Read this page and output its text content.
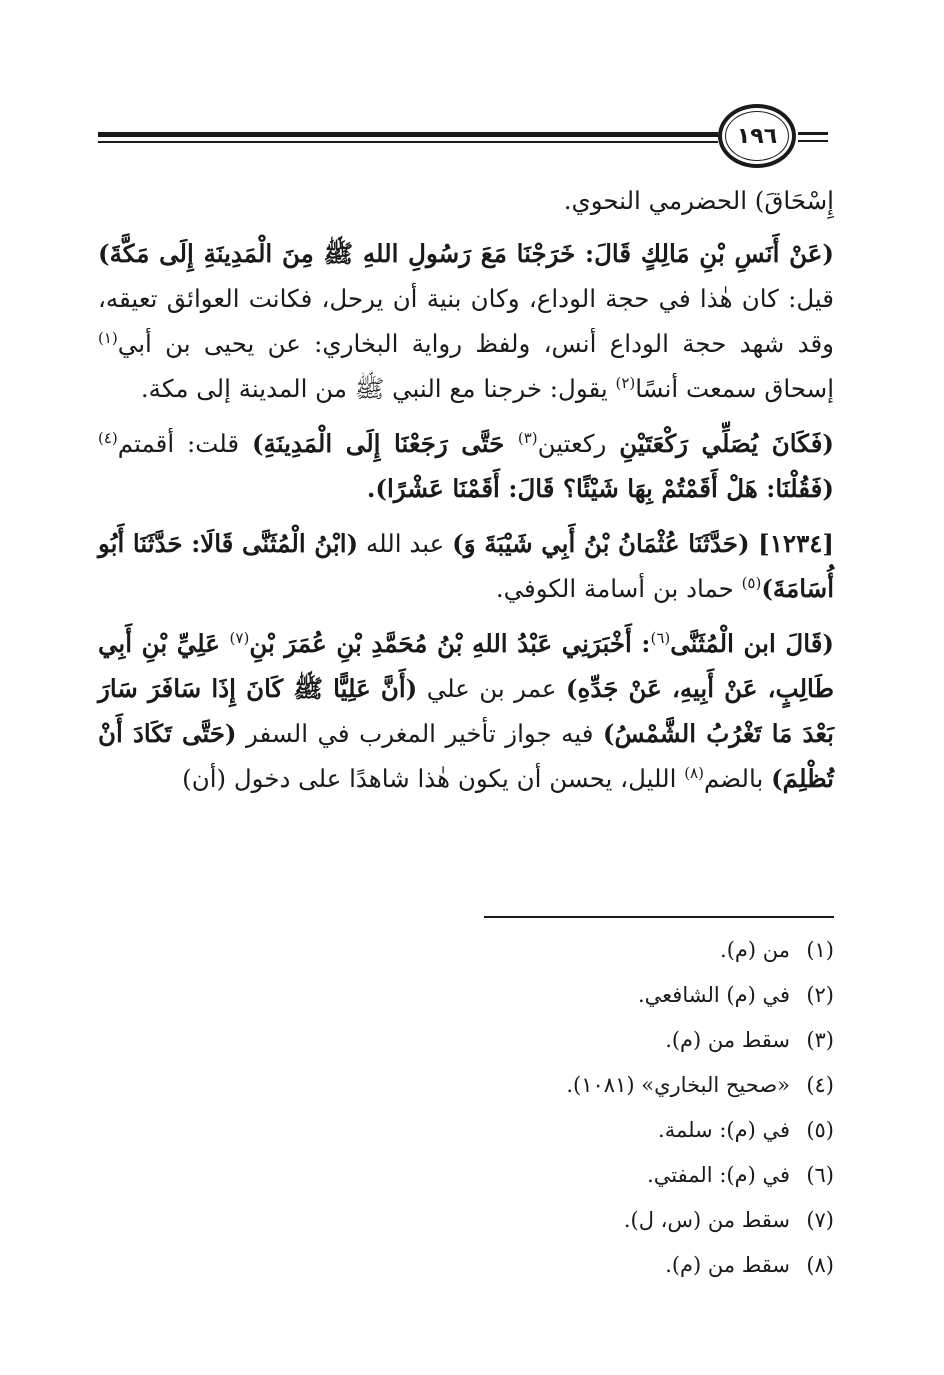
١٩٦

إِسْحَاقَ) الحضرمي النحوي.

(عَنْ أَنَسِ بْنِ مَالِكٍ قَالَ: خَرَجْنَا مَعَ رَسُولِ اللهِ ﷺ مِنَ الْمَدِينَةِ إِلَى مَكَّةَ) قيل: كان هٰذا في حجة الوداع، وكان بنية أن يرحل، فكانت العوائق تعيقه، وقد شهد حجة الوداع أنس، ولفظ رواية البخاري: عن يحيى بن أبي$^{(١)}$ إسحاق سمعت أنسًا$^{(٢)}$ يقول: خرجنا مع النبي ﷺ من المدينة إلى مكة.

(فَكَانَ يُصَلِّي رَكْعَتَيْنِ ركعتين$^{(٣)}$ حَتَّى رَجَعْنَا إِلَى الْمَدِينَةِ) قلت: أقمتم$^{(٤)}$ (فَقُلْنَا: هَلْ أَقَمْتُمْ بِهَا شَيْئًا؟ قَالَ: أَقَمْنَا عَشْرًا).

[١٢٣٤] (حَدَّثَنَا عُثْمَانُ بْنُ أَبِي شَيْبَةَ وَ) عبد الله (ابْنُ الْمُثَنَّى قَالَا: حَدَّثَنَا أَبُو أُسَامَةَ)$^{(٥)}$ حماد بن أسامة الكوفي.

(قَالَ ابن الْمُثَنَّى$^{(٦)}$: أَخْبَرَنِي عَبْدُ اللهِ بْنُ مُحَمَّدِ بْنِ عُمَرَ بْنِ$^{(٧)}$ عَلِيِّ بْنِ أَبِي طَالِبٍ، عَنْ أَبِيهِ، عَنْ جَدِّهِ) عمر بن علي (أَنَّ عَلِيًّا ﷺ كَانَ إِذَا سَافَرَ سَارَ بَعْدَ مَا تَغْرُبُ الشَّمْسُ) فيه جواز تأخير المغرب في السفر (حَتَّى تَكَادَ أَنْ تُظْلِمَ) بالضم$^{(٨)}$ الليل، يحسن أن يكون هٰذا شاهدًا على دخول (أن)

(١)
من (م).
(٢)
في (م) الشافعي.
(٣)
سقط من (م).
(٤)
«صحيح البخاري» (١٠٨١).
(٥)
في (م): سلمة.
(٦)
في (م): المفتي.
(٧)
سقط من (س، ل).
(٨)
سقط من (م).
